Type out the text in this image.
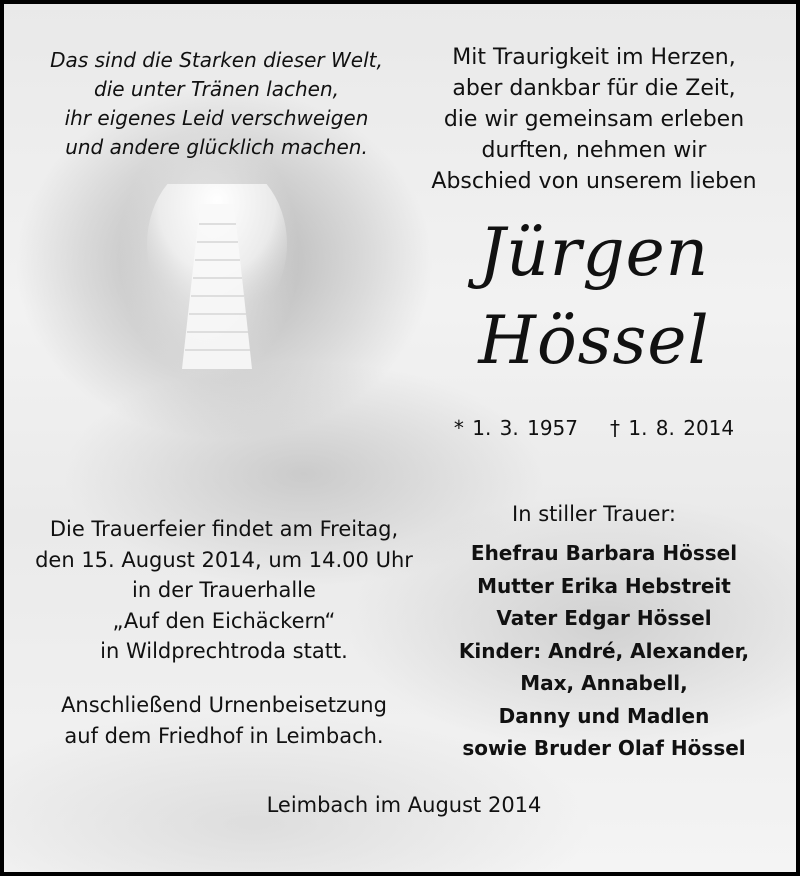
Das sind die Starken dieser Welt,
die unter Tränen lachen,
ihr eigenes Leid verschweigen
und andere glücklich machen.
Mit Traurigkeit im Herzen,
aber dankbar für die Zeit,
die wir gemeinsam erleben
durften, nehmen wir
Abschied von unserem lieben
Jürgen
Hössel
* 1. 3. 1957 † 1. 8. 2014
In stiller Trauer:
Ehefrau Barbara Hössel
Mutter Erika Hebstreit
Vater Edgar Hössel
Kinder: André, Alexander,
Max, Annabell,
Danny und Madlen
sowie Bruder Olaf Hössel
Die Trauerfeier findet am Freitag,
den 15. August 2014, um 14.00 Uhr
in der Trauerhalle
„Auf den Eichäckern“
in Wildprechtroda statt.
Anschließend Urnenbeisetzung
auf dem Friedhof in Leimbach.
Leimbach im August 2014
